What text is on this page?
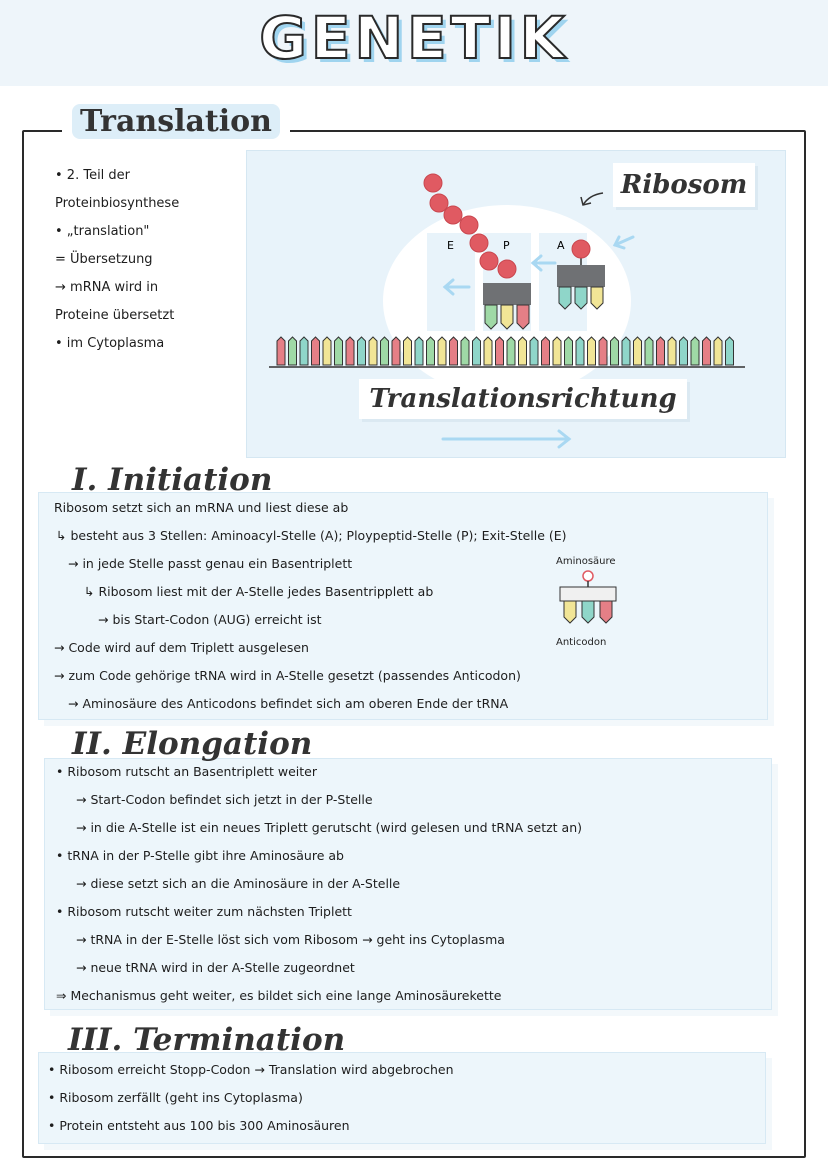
GENETIK
Translation
• 2. Teil der
Proteinbiosynthese
• „translation"
= Übersetzung
→ mRNA wird in
Proteine übersetzt
• im Cytoplasma
E	P	A
Ribosom
Translationsrichtung
I. Initiation
Ribosom setzt sich an mRNA und liest diese ab
↳ besteht aus 3 Stellen: Aminoacyl-Stelle (A); Ploypeptid-Stelle (P); Exit-Stelle (E)
→ in jede Stelle passt genau ein Basentriplett
↳ Ribosom liest mit der A-Stelle jedes Basentripplett ab
→ bis Start-Codon (AUG) erreicht ist
→ Code wird auf dem Triplett ausgelesen
→ zum Code gehörige tRNA wird in A-Stelle gesetzt (passendes Anticodon)
→ Aminosäure des Anticodons befindet sich am oberen Ende der tRNA
Aminosäure
Anticodon
II. Elongation
• Ribosom rutscht an Basentriplett weiter
→ Start-Codon befindet sich jetzt in der P-Stelle
→ in die A-Stelle ist ein neues Triplett gerutscht (wird gelesen und tRNA setzt an)
• tRNA in der P-Stelle gibt ihre Aminosäure ab
→ diese setzt sich an die Aminosäure in der A-Stelle
• Ribosom rutscht weiter zum nächsten Triplett
→ tRNA in der E-Stelle löst sich vom Ribosom → geht ins Cytoplasma
→ neue tRNA wird in der A-Stelle zugeordnet
⇒ Mechanismus geht weiter, es bildet sich eine lange Aminosäurekette
III. Termination
• Ribosom erreicht Stopp-Codon → Translation wird abgebrochen
• Ribosom zerfällt (geht ins Cytoplasma)
• Protein entsteht aus 100 bis 300 Aminosäuren
